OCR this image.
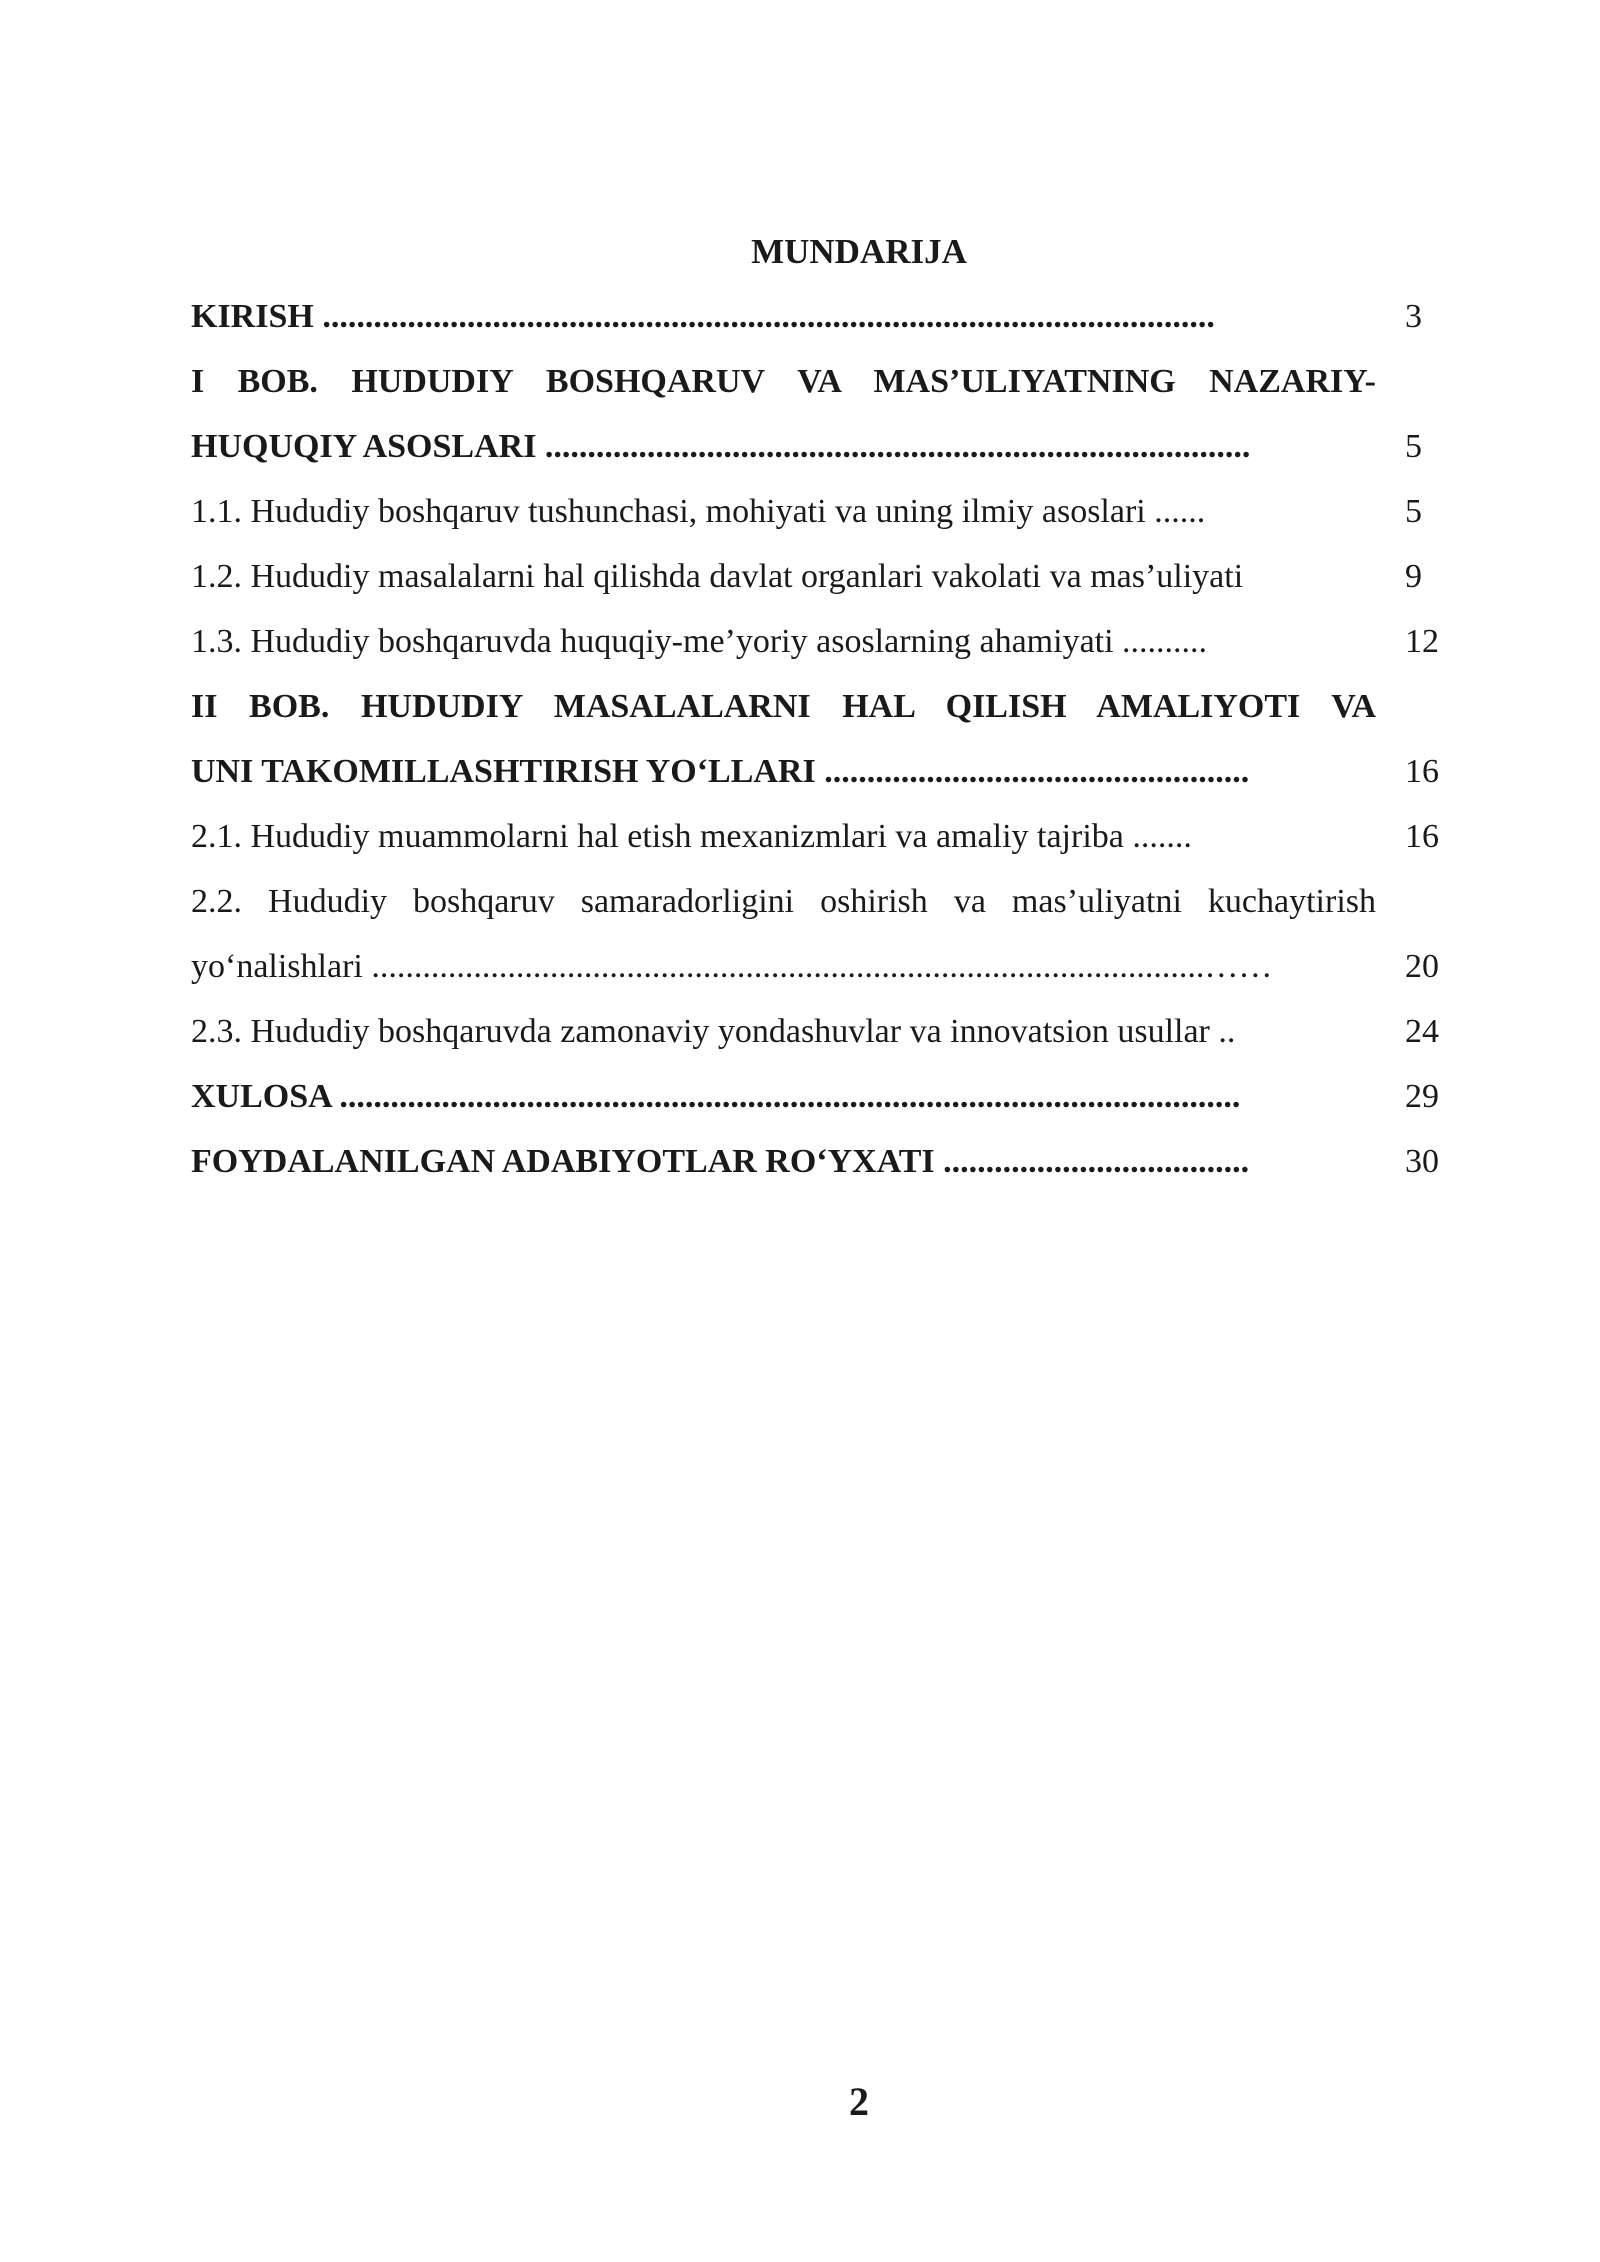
MUNDARIJA
KIRISH .........................................................................................................	3
I BOB. HUDUDIY BOSHQARUV VA MAS’ULIYATNING NAZARIY-
HUQUQIY ASOSLARI ...................................................................................	5
1.1. Hududiy boshqaruv tushunchasi, mohiyati va uning ilmiy asoslari ......	5
1.2. Hududiy masalalarni hal qilishda davlat organlari vakolati va mas’uliyati	9
1.3. Hududiy boshqaruvda huquqiy-me’yoriy asoslarning ahamiyati ..........	12
II BOB. HUDUDIY MASALALARNI HAL QILISH AMALIYOTI VA
UNI TAKOMILLASHTIRISH YO‘LLARI ..................................................	16
2.1. Hududiy muammolarni hal etish mexanizmlari va amaliy tajriba .......	16
2.2. Hududiy boshqaruv samaradorligini oshirish va mas’uliyatni kuchaytirish
yo‘nalishlari ..................................................................................................……	20
2.3. Hududiy boshqaruvda zamonaviy yondashuvlar va innovatsion usullar ..	24
XULOSA ..........................................................................................................	29
FOYDALANILGAN ADABIYOTLAR RO‘YXATI ....................................	30
2
